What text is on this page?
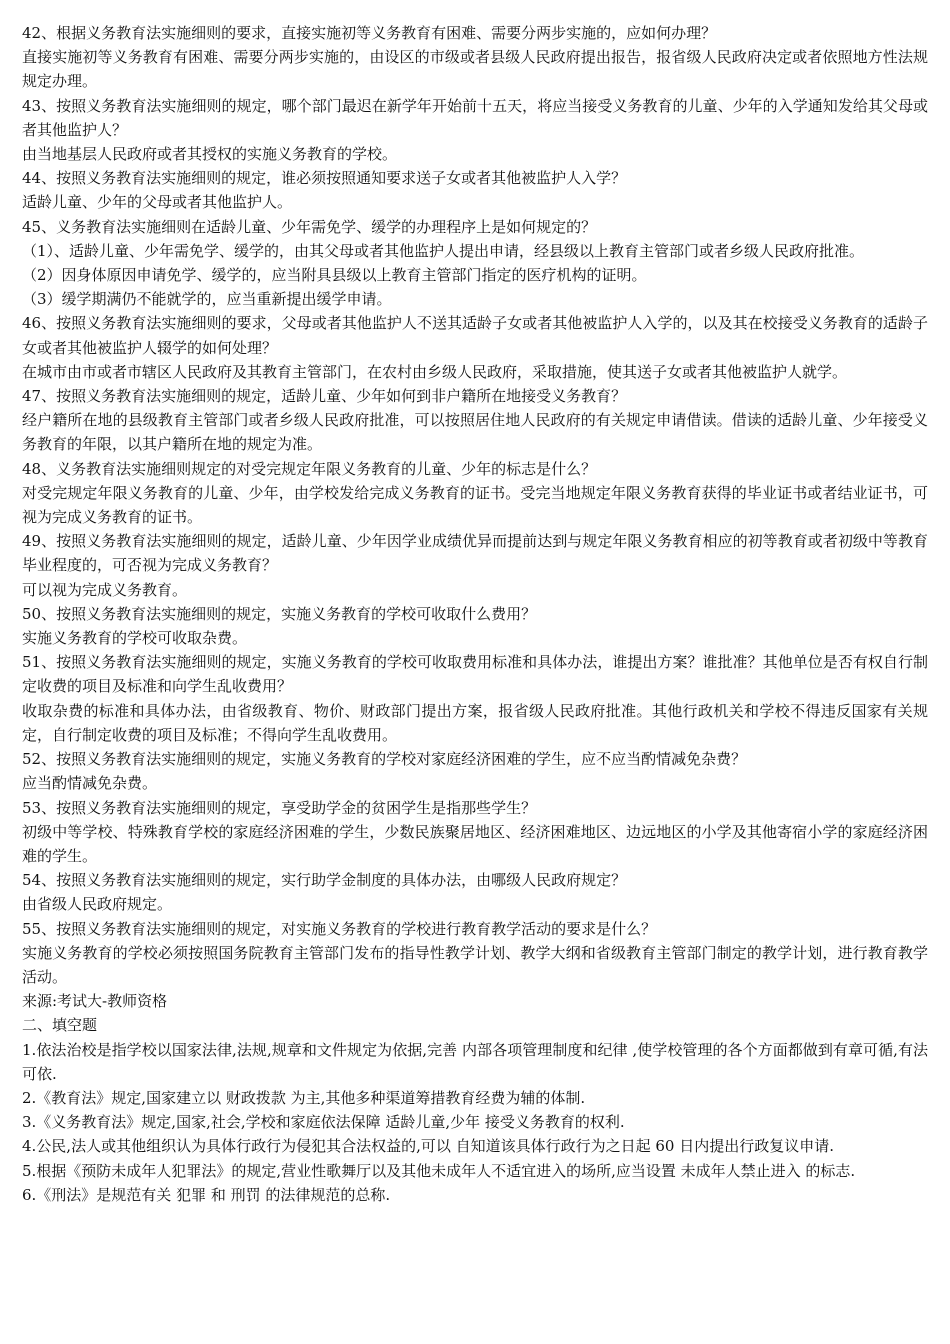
42、根据义务教育法实施细则的要求，直接实施初等义务教育有困难、需要分两步实施的，应如何办理？

直接实施初等义务教育有困难、需要分两步实施的，由设区的市级或者县级人民政府提出报告，报省级人民政府决定或者依照地方性法规规定办理。

43、按照义务教育法实施细则的规定，哪个部门最迟在新学年开始前十五天，将应当接受义务教育的儿童、少年的入学通知发给其父母或者其他监护人？

由当地基层人民政府或者其授权的实施义务教育的学校。

44、按照义务教育法实施细则的规定，谁必须按照通知要求送子女或者其他被监护人入学？

适龄儿童、少年的父母或者其他监护人。

45、义务教育法实施细则在适龄儿童、少年需免学、缓学的办理程序上是如何规定的？

（1）、适龄儿童、少年需免学、缓学的，由其父母或者其他监护人提出申请，经县级以上教育主管部门或者乡级人民政府批准。

（2）因身体原因申请免学、缓学的，应当附具县级以上教育主管部门指定的医疗机构的证明。

（3）缓学期满仍不能就学的，应当重新提出缓学申请。

46、按照义务教育法实施细则的要求，父母或者其他监护人不送其适龄子女或者其他被监护人入学的，以及其在校接受义务教育的适龄子女或者其他被监护人辍学的如何处理？

在城市由市或者市辖区人民政府及其教育主管部门，在农村由乡级人民政府，采取措施，使其送子女或者其他被监护人就学。

47、按照义务教育法实施细则的规定，适龄儿童、少年如何到非户籍所在地接受义务教育？

经户籍所在地的县级教育主管部门或者乡级人民政府批准，可以按照居住地人民政府的有关规定申请借读。借读的适龄儿童、少年接受义务教育的年限，以其户籍所在地的规定为准。

48、义务教育法实施细则规定的对受完规定年限义务教育的儿童、少年的标志是什么？

对受完规定年限义务教育的儿童、少年，由学校发给完成义务教育的证书。受完当地规定年限义务教育获得的毕业证书或者结业证书，可视为完成义务教育的证书。

49、按照义务教育法实施细则的规定，适龄儿童、少年因学业成绩优异而提前达到与规定年限义务教育相应的初等教育或者初级中等教育毕业程度的，可否视为完成义务教育？

可以视为完成义务教育。

50、按照义务教育法实施细则的规定，实施义务教育的学校可收取什么费用？

实施义务教育的学校可收取杂费。

51、按照义务教育法实施细则的规定，实施义务教育的学校可收取费用标准和具体办法，谁提出方案？谁批准？其他单位是否有权自行制定收费的项目及标准和向学生乱收费用？

收取杂费的标准和具体办法，由省级教育、物价、财政部门提出方案，报省级人民政府批准。其他行政机关和学校不得违反国家有关规定，自行制定收费的项目及标准；不得向学生乱收费用。

52、按照义务教育法实施细则的规定，实施义务教育的学校对家庭经济困难的学生，应不应当酌情减免杂费？

应当酌情减免杂费。

53、按照义务教育法实施细则的规定，享受助学金的贫困学生是指那些学生？

初级中等学校、特殊教育学校的家庭经济困难的学生，少数民族聚居地区、经济困难地区、边远地区的小学及其他寄宿小学的家庭经济困难的学生。

54、按照义务教育法实施细则的规定，实行助学金制度的具体办法，由哪级人民政府规定？

由省级人民政府规定。

55、按照义务教育法实施细则的规定，对实施义务教育的学校进行教育教学活动的要求是什么？

实施义务教育的学校必须按照国务院教育主管部门发布的指导性教学计划、教学大纲和省级教育主管部门制定的教学计划，进行教育教学活动。

来源:考试大-教师资格

二、填空题

1.依法治校是指学校以国家法律,法规,规章和文件规定为依据,完善 内部各项管理制度和纪律 ,使学校管理的各个方面都做到有章可循,有法可依.

2.《教育法》规定,国家建立以 财政拨款 为主,其他多种渠道筹措教育经费为辅的体制.

3.《义务教育法》规定,国家,社会,学校和家庭依法保障 适龄儿童,少年 接受义务教育的权利.

4.公民,法人或其他组织认为具体行政行为侵犯其合法权益的,可以 自知道该具体行政行为之日起 60 日内提出行政复议申请.

5.根据《预防未成年人犯罪法》的规定,营业性歌舞厅以及其他未成年人不适宜进入的场所,应当设置 未成年人禁止进入 的标志.

6.《刑法》是规范有关 犯罪 和 刑罚 的法律规范的总称.
